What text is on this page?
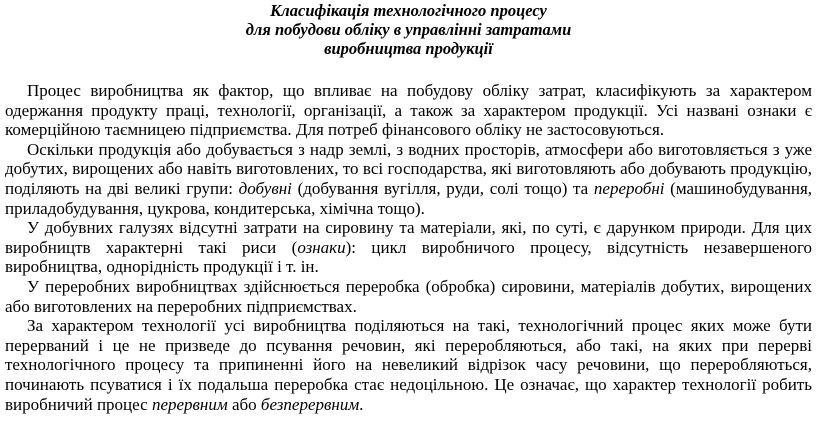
Класифікація технологічного процесу
для побудови обліку в управлінні затратами
виробництва продукції

Процес виробництва як фактор, що впливає на побудову обліку затрат, класифікують за характером одержання продукту праці, технології, організації, а також за характером продукції. Усі названі ознаки є комерційною таємницею підприємства. Для потреб фінансового обліку не застосовуються.

Оскільки продукція або добувається з надр землі, з водних просторів, атмосфери або виготовляється з уже добутих, вирощених або навіть виготовлених, то всі господарства, які виготовляють або добувають продукцію, поділяють на дві великі групи: добувні (добування вугілля, руди, солі тощо) та переробні (машинобудування, приладобудування, цукрова, кондитерська, хімічна тощо).

У добувних галузях відсутні затрати на сировину та матеріали, які, по суті, є дарунком природи. Для цих виробництв характерні такі риси (ознаки): цикл виробничого процесу, відсутність незавершеного виробництва, однорідність продукції і т. ін.

У переробних виробництвах здійснюється переробка (обробка) сировини, матеріалів добутих, вирощених або виготовлених на переробних підприємствах.

За характером технології усі виробництва поділяються на такі, технологічний процес яких може бути перерваний і це не призведе до псування речовин, які переробляються, або такі, на яких при перерві технологічного процесу та припиненні його на невеликий відрізок часу речовини, що переробляються, починають псуватися і їх подальша переробка стає недоцільною. Це означає, що характер технології робить виробничий процес перервним або безперервним.
